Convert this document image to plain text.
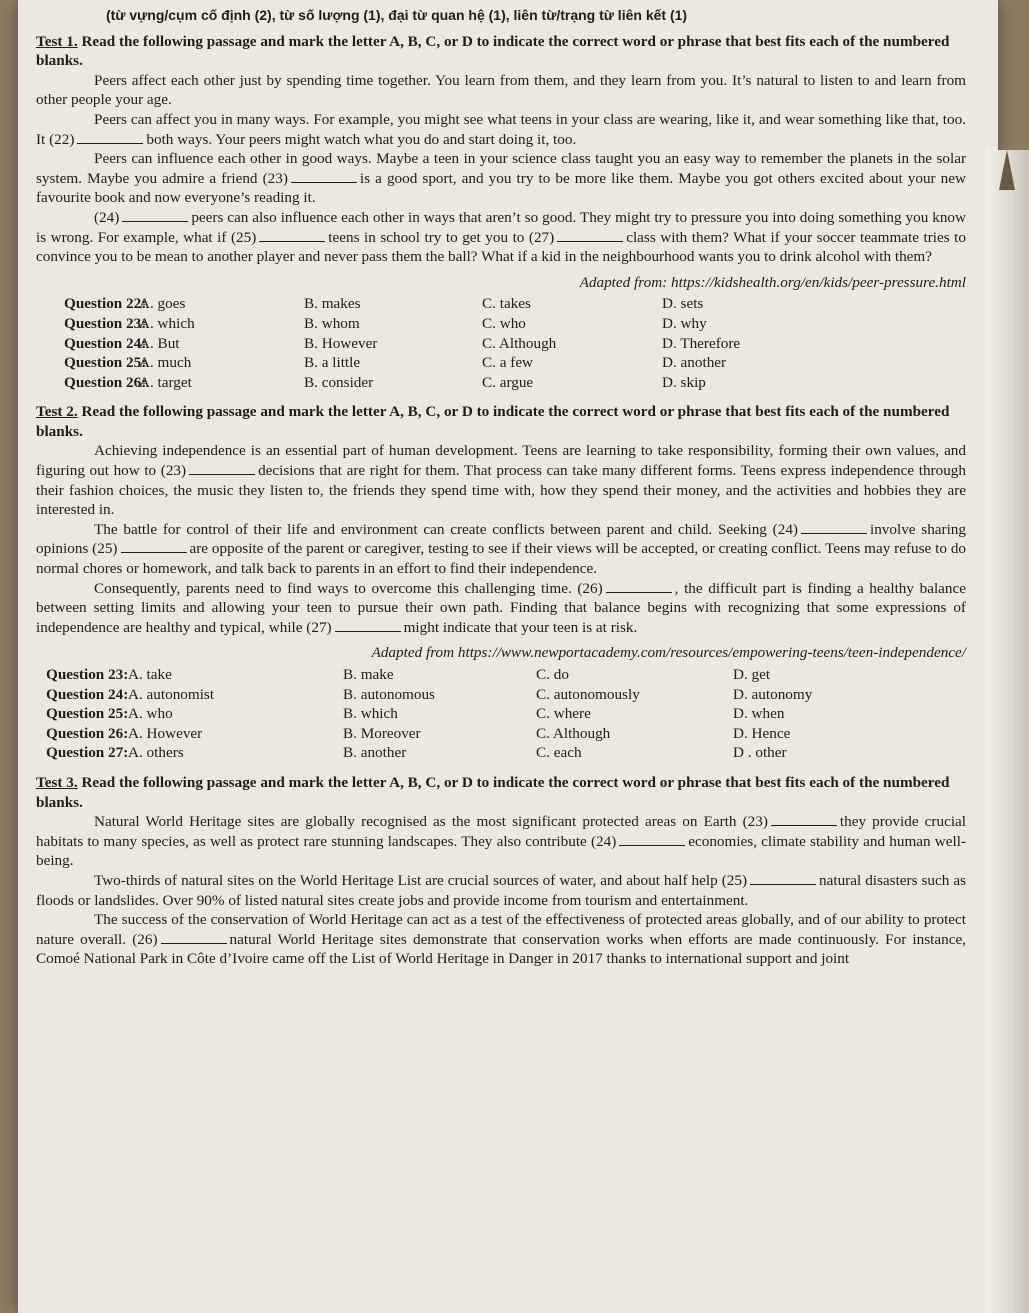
(từ vựng/cụm cố định (2), từ số lượng (1), đại từ quan hệ (1), liên từ/trạng từ liên kết (1)

Test 1. Read the following passage and mark the letter A, B, C, or D to indicate the correct word or phrase that best fits each of the numbered blanks.

Peers affect each other just by spending time together. You learn from them, and they learn from you. It’s natural to listen to and learn from other people your age.

Peers can affect you in many ways. For example, you might see what teens in your class are wearing, like it, and wear something like that, too. It (22)	both ways. Your peers might watch what you do and start doing it, too.

Peers can influence each other in good ways. Maybe a teen in your science class taught you an easy way to remember the planets in the solar system. Maybe you admire a friend (23)	is a good sport, and you try to be more like them. Maybe you got others excited about your new favourite book and now everyone’s reading it.

(24)	peers can also influence each other in ways that aren’t so good. They might try to pressure you into doing something you know is wrong. For example, what if (25)	teens in school try to get you to (27)	class with them? What if your soccer teammate tries to convince you to be mean to another player and never pass them the ball? What if a kid in the neighbourhood wants you to drink alcohol with them?

Adapted from: https://kidshealth.org/en/kids/peer-pressure.html
Question 22:
A. goes	B. makes	C. takes	D. sets
Question 23:
A. which	B. whom	C. who	D. why
Question 24:
A. But	B. However	C. Although	D. Therefore
Question 25:
A. much	B. a little	C. a few	D. another
Question 26:
A. target	B. consider	C. argue	D. skip

Test 2. Read the following passage and mark the letter A, B, C, or D to indicate the correct word or phrase that best fits each of the numbered blanks.

Achieving independence is an essential part of human development. Teens are learning to take responsibility, forming their own values, and figuring out how to (23)	decisions that are right for them. That process can take many different forms. Teens express independence through their fashion choices, the music they listen to, the friends they spend time with, how they spend their money, and the activities and hobbies they are interested in.

The battle for control of their life and environment can create conflicts between parent and child. Seeking (24)	involve sharing opinions (25)	are opposite of the parent or caregiver, testing to see if their views will be accepted, or creating conflict. Teens may refuse to do normal chores or homework, and talk back to parents in an effort to find their independence.

Consequently, parents need to find ways to overcome this challenging time. (26)	, the difficult part is finding a healthy balance between setting limits and allowing your teen to pursue their own path. Finding that balance begins with recognizing that some expressions of independence are healthy and typical, while (27)	might indicate that your teen is at risk.

Adapted from https://www.newportacademy.com/resources/empowering-teens/teen-independence/
Question 23: A. take	B. make	C. do	D. get
Question 24: A. autonomist	B. autonomous	C. autonomously	D. autonomy
Question 25: A. who	B. which	C. where	D. when
Question 26: A. However	B. Moreover	C. Although	D. Hence
Question 27: A. others	B. another	C. each	D . other

Test 3. Read the following passage and mark the letter A, B, C, or D to indicate the correct word or phrase that best fits each of the numbered blanks.

Natural World Heritage sites are globally recognised as the most significant protected areas on Earth (23)	they provide crucial habitats to many species, as well as protect rare stunning landscapes. They also contribute (24)	economies, climate stability and human well-being.

Two-thirds of natural sites on the World Heritage List are crucial sources of water, and about half help (25)	natural disasters such as floods or landslides. Over 90% of listed natural sites create jobs and provide income from tourism and entertainment.

The success of the conservation of World Heritage can act as a test of the effectiveness of protected areas globally, and of our ability to protect nature overall. (26)	natural World Heritage sites demonstrate that conservation works when efforts are made continuously. For instance, Comoé National Park in Côte d’Ivoire came off the List of World Heritage in Danger in 2017 thanks to international support and joint
